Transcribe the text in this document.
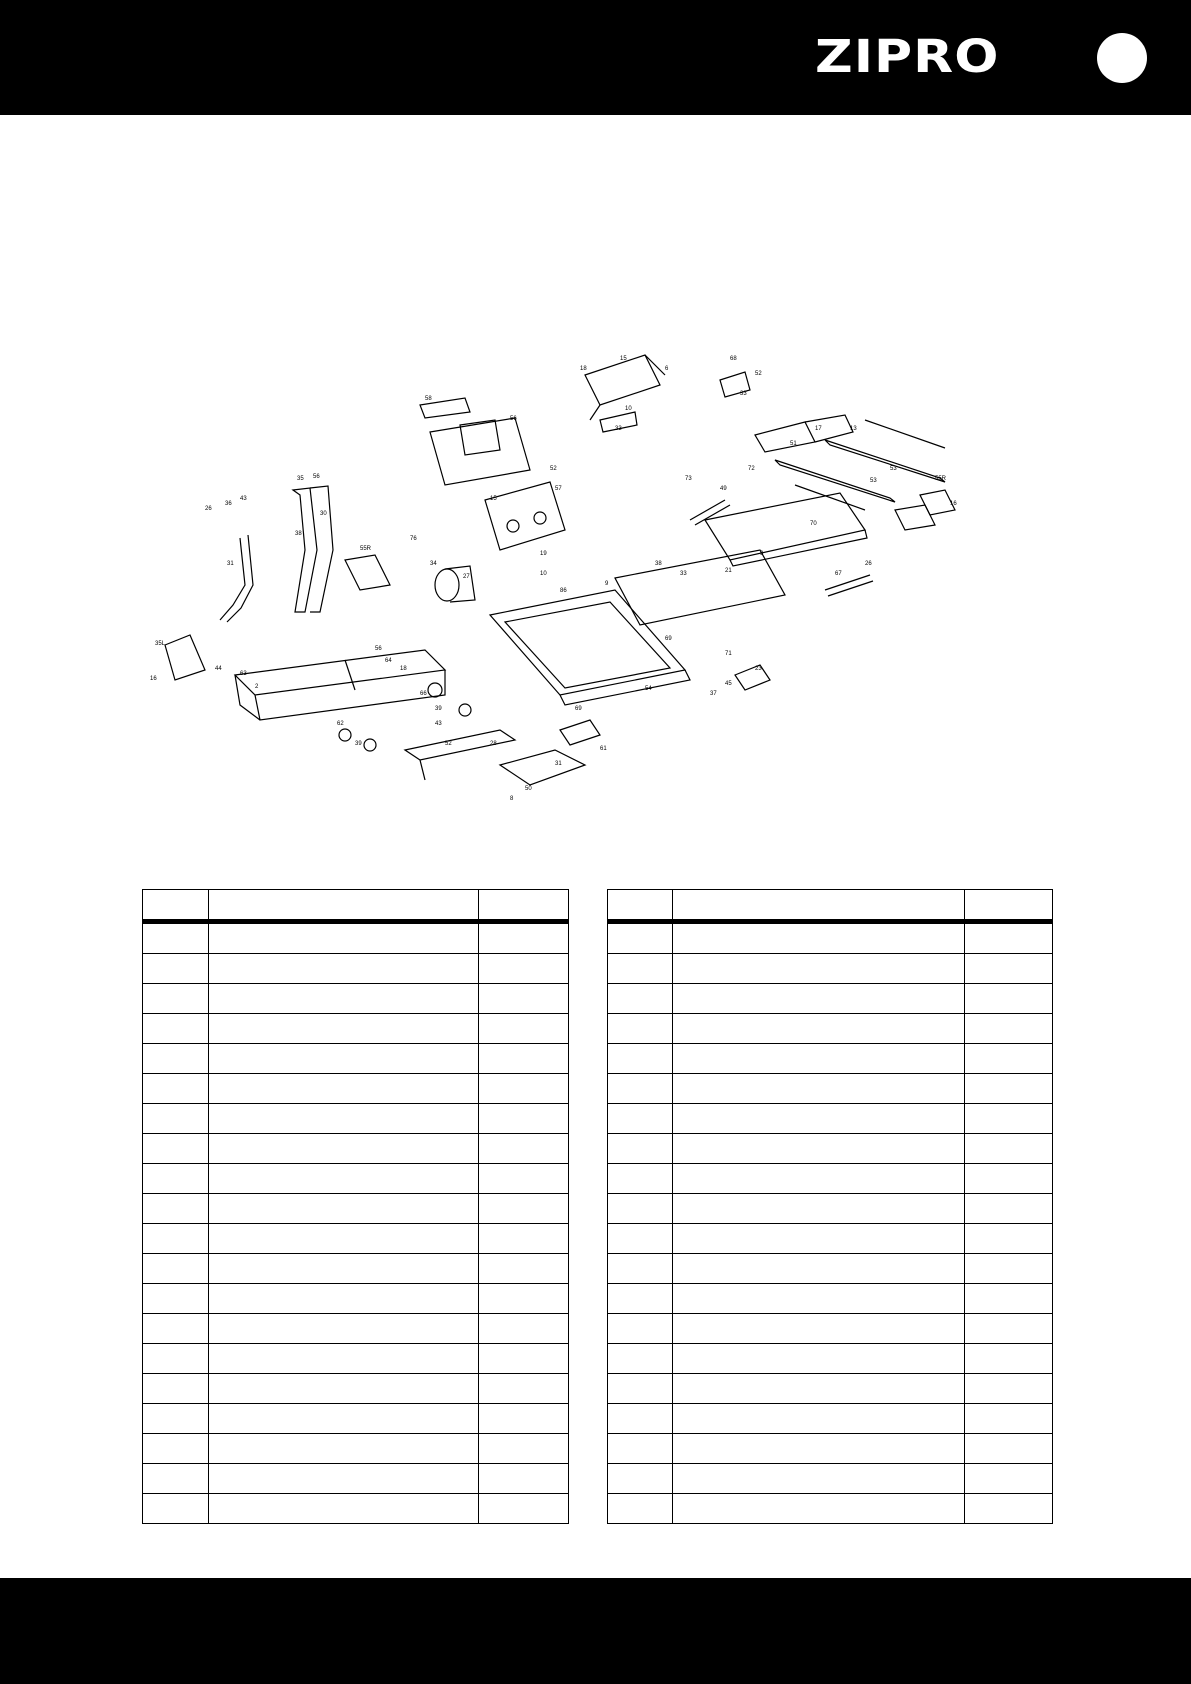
ZIPRO
26
36
43
35 56
30
38
55R
31
35L
16
44
2
63
56
64
18
66
39
62
39
76
34
27
58
56
52
15
57
19
18
15
6
68
52
33
10
33
10
86
9
38
33	21
9
69
37
54
69
61
73
49
72
70
51
17	13
53
53
55R
16
67
26
71
23
45
43
52	28
31
50
8
